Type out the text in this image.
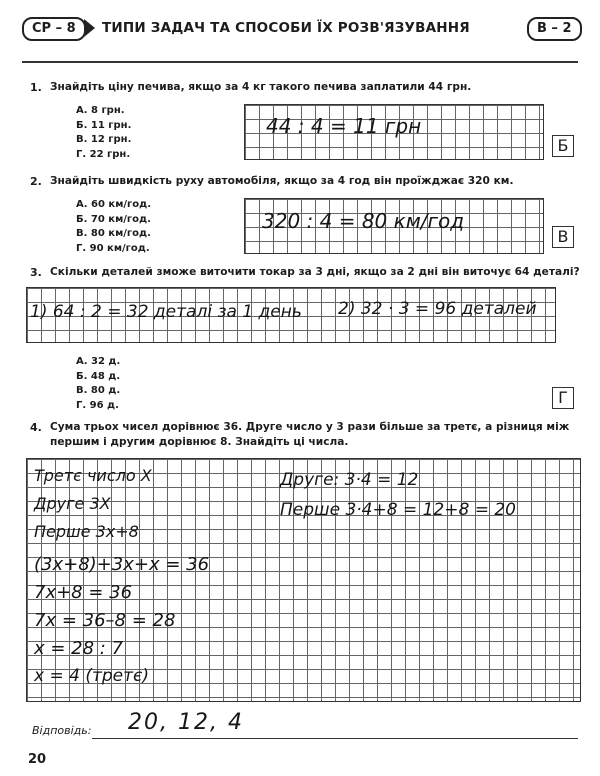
СР – 8	ТИПИ ЗАДАЧ ТА СПОСОБИ ЇХ РОЗВ'ЯЗУВАННЯ	В – 2
1. Знайдіть ціну печива, якщо за 4 кг такого печива заплатили 44 грн.
А. 8 грн.
Б. 11 грн.
В. 12 грн.
Г. 22 грн.
44 : 4 = 11 грн
Б
2. Знайдіть швидкість руху автомобіля, якщо за 4 год він проїжджає 320 км.
А. 60 км/год.
Б. 70 км/год.
В. 80 км/год.
Г. 90 км/год.
320 : 4 = 80 км/год
В
3. Скільки деталей зможе виточити токар за 3 дні, якщо за 2 дні він виточує 64 деталі?
1) 64 : 2 = 32 деталі за 1 день 2) 32 · 3 = 96 деталей
А. 32 д.
Б. 48 д.
В. 80 д.
Г. 96 д.	Г
4. Сума трьох чисел дорівнює 36. Друге число у 3 рази більше за третє, а різниця між
першим і другим дорівнює 8. Знайдіть ці числа.
Третє число Х
Друге 3Х
Перше 3х+8
(3х+8)+3х+х = 36
7х+8 = 36
7х = 36–8 = 28
х = 28 : 7
х = 4 (третє)
Друге: 3·4 = 12
Перше 3·4+8 = 12+8 = 20
Відповідь: 20, 12, 4
20
